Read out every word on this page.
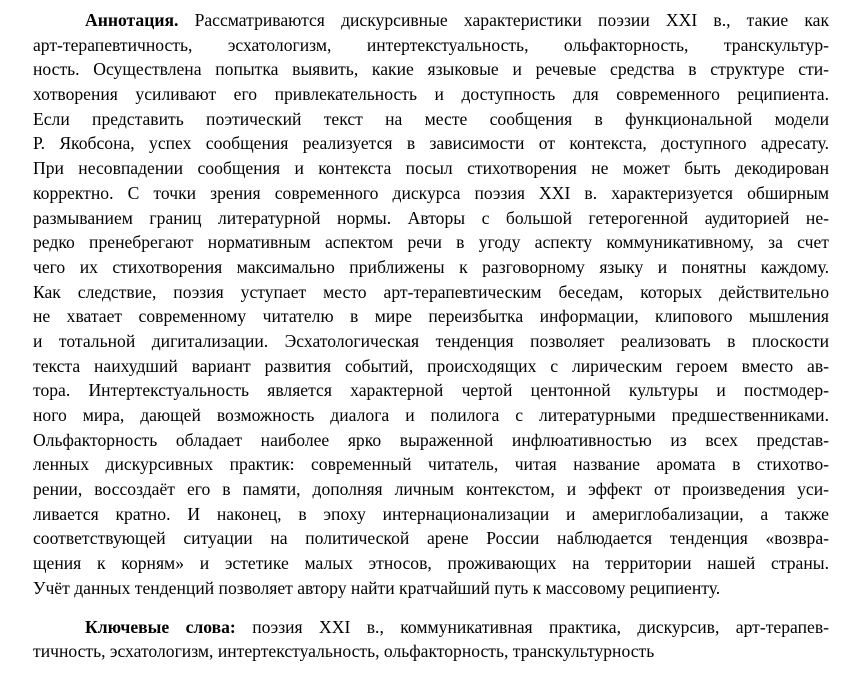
Аннотация. Рассматриваются дискурсивные характеристики поэзии XXI в., такие как
арт-терапевтичность, эсхатологизм, интертекстуальность, ольфакторность, транскультур-
ность. Осуществлена попытка выявить, какие языковые и речевые средства в структуре сти-
хотворения усиливают его привлекательность и доступность для современного реципиента.
Если представить поэтический текст на месте сообщения в функциональной модели
Р. Якобсона, успех сообщения реализуется в зависимости от контекста, доступного адресату.
При несовпадении сообщения и контекста посыл стихотворения не может быть декодирован
корректно. С точки зрения современного дискурса поэзия XXI в. характеризуется обширным
размыванием границ литературной нормы. Авторы с большой гетерогенной аудиторией не-
редко пренебрегают нормативным аспектом речи в угоду аспекту коммуникативному, за счет
чего их стихотворения максимально приближены к разговорному языку и понятны каждому.
Как следствие, поэзия уступает место арт-терапевтическим беседам, которых действительно
не хватает современному читателю в мире переизбытка информации, клипового мышления
и тотальной дигитализации. Эсхатологическая тенденция позволяет реализовать в плоскости
текста наихудший вариант развития событий, происходящих с лирическим героем вместо ав-
тора. Интертекстуальность является характерной чертой центонной культуры и постмодер-
ного мира, дающей возможность диалога и полилога с литературными предшественниками.
Ольфакторность обладает наиболее ярко выраженной инфлюативностью из всех представ-
ленных дискурсивных практик: современный читатель, читая название аромата в стихотво-
рении, воссоздаёт его в памяти, дополняя личным контекстом, и эффект от произведения уси-
ливается кратно. И наконец, в эпоху интернационализации и америглобализации, а также
соответствующей ситуации на политической арене России наблюдается тенденция «возвра-
щения к корням» и эстетике малых этносов, проживающих на территории нашей страны.
Учёт данных тенденций позволяет автору найти кратчайший путь к массовому реципиенту.
Ключевые слова: поэзия XXI в., коммуникативная практика, дискурсив, арт-терапев-
тичность, эсхатологизм, интертекстуальность, ольфакторность, транскультурность
